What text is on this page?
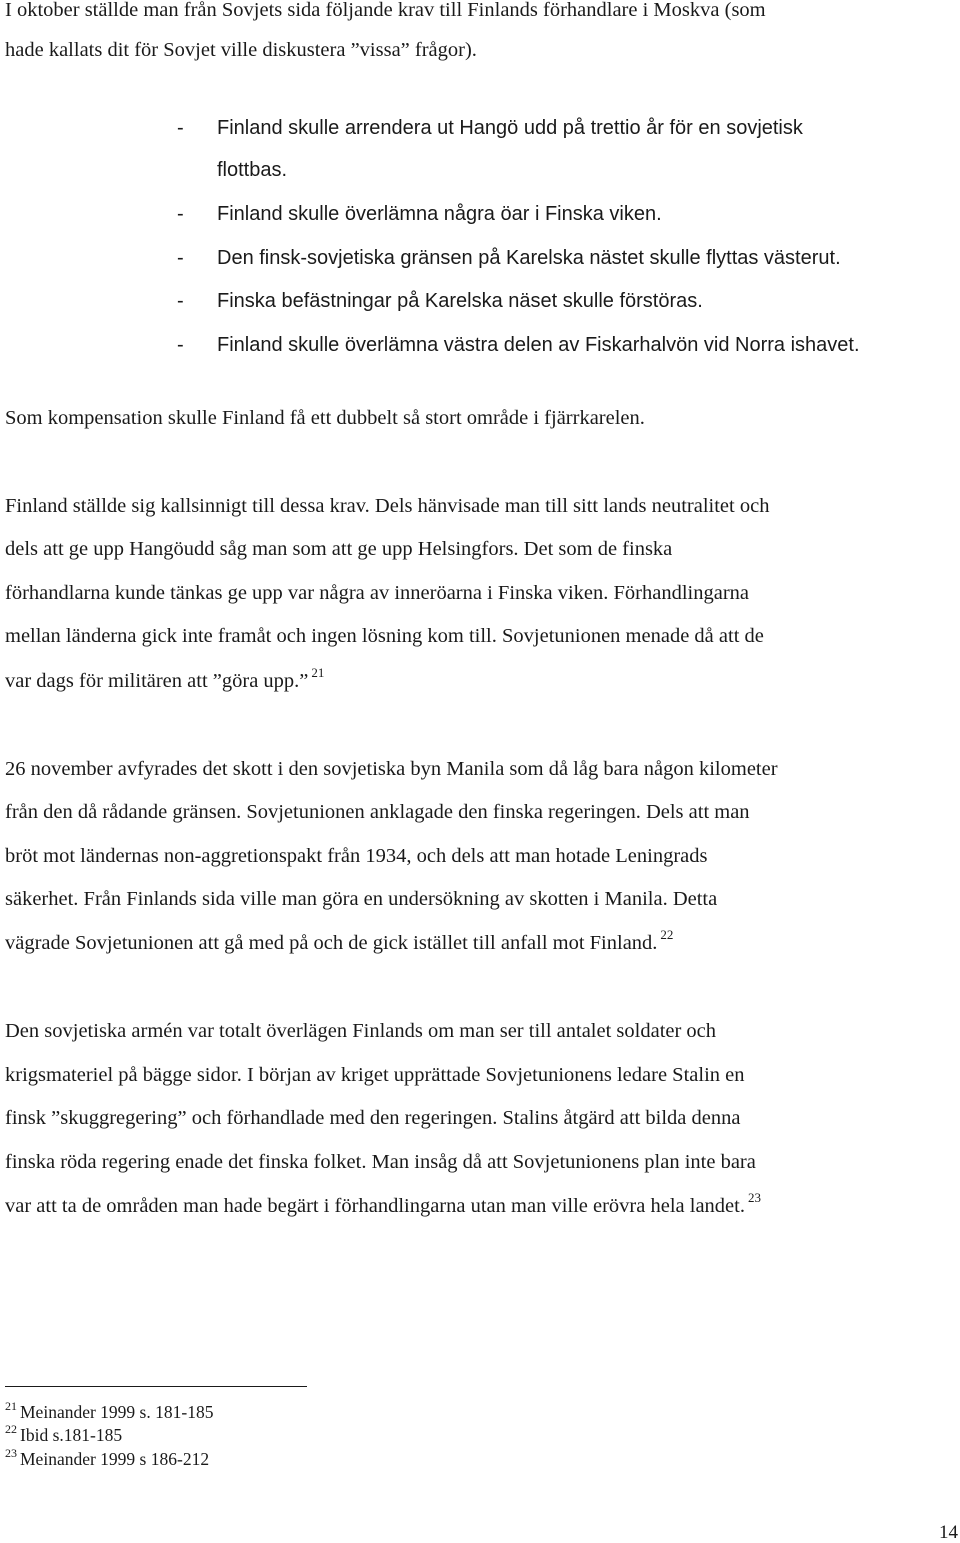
I oktober ställde man från Sovjets sida följande krav till Finlands förhandlare i Moskva (som
hade kallats dit för Sovjet ville diskustera ”vissa” frågor).
- Finland skulle arrendera ut Hangö udd på trettio år för en sovjetisk
flottbas.
- Finland skulle överlämna några öar i Finska viken.
- Den finsk-sovjetiska gränsen på Karelska nästet skulle flyttas västerut.
- Finska befästningar på Karelska näset skulle förstöras.
- Finland skulle överlämna västra delen av Fiskarhalvön vid Norra ishavet.
Som kompensation skulle Finland få ett dubbelt så stort område i fjärrkarelen.
Finland ställde sig kallsinnigt till dessa krav. Dels hänvisade man till sitt lands neutralitet och
dels att ge upp Hangöudd såg man som att ge upp Helsingfors. Det som de finska
förhandlarna kunde tänkas ge upp var några av inneröarna i Finska viken. Förhandlingarna
mellan länderna gick inte framåt och ingen lösning kom till. Sovjetunionen menade då att de
var dags för militären att ”göra upp.” $^{21}$
26 november avfyrades det skott i den sovjetiska byn Manila som då låg bara någon kilometer
från den då rådande gränsen. Sovjetunionen anklagade den finska regeringen. Dels att man
bröt mot ländernas non-aggretionspakt från 1934, och dels att man hotade Leningrads
säkerhet. Från Finlands sida ville man göra en undersökning av skotten i Manila. Detta
vägrade Sovjetunionen att gå med på och de gick istället till anfall mot Finland. $^{22}$
Den sovjetiska armén var totalt överlägen Finlands om man ser till antalet soldater och
krigsmateriel på bägge sidor. I början av kriget upprättade Sovjetunionens ledare Stalin en
finsk ”skuggregering” och förhandlade med den regeringen. Stalins åtgärd att bilda denna
finska röda regering enade det finska folket. Man insåg då att Sovjetunionens plan inte bara
var att ta de områden man hade begärt i förhandlingarna utan man ville erövra hela landet. $^{23}$
$^{21}$ Meinander 1999 s. 181-185
$^{22}$ Ibid s.181-185
$^{23}$ Meinander 1999 s 186-212
14
